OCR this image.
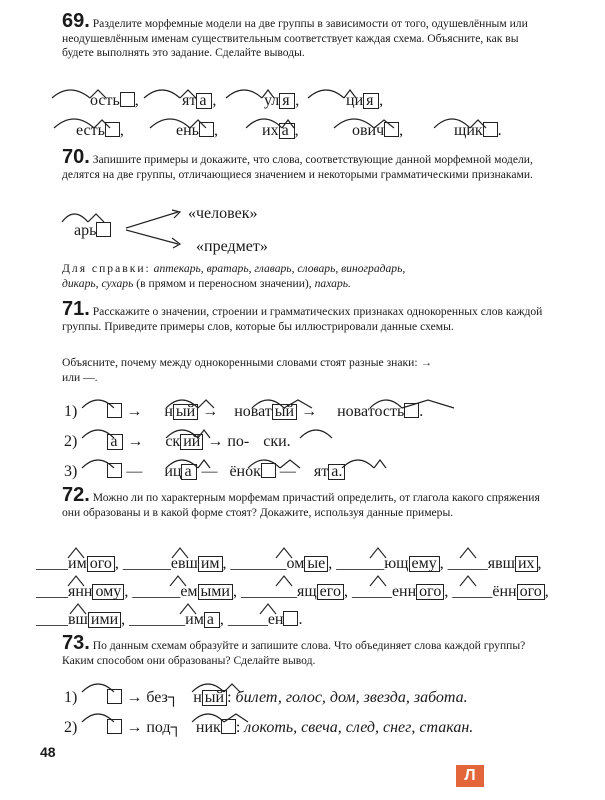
69. Разделите морфемные модели на две группы в зависимости от того, одушевлённым или неодушевлённым именам существительным соответствует каждая схема. Объясните, как вы будете выполнять это задание. Сделайте выводы.
ость ,	ят а ,	ул я ,	ци я ,
есть ,	ень ,	их а ,	ович ,	щик .
70. Запишите примеры и докажите, что слова, соответствующие данной морфемной модели, делятся на две группы, отличающиеся значением и некоторыми грамматическими признаками.
арь
«человек»
«предмет»
Для справки: аптекарь, вратарь, главарь, словарь, виноградарь,
дикарь, сухарь (в прямом и переносном значении), пахарь.
71. Расскажите о значении, строении и грамматических признаках однокоренных слов каждой группы. Приведите примеры слов, которые бы иллюстрировали данные схемы.
Объясните, почему между однокоренными словами стоят разные знаки: →
или —.
1)	→ н ый → новат ый → новатость .
2) а → ск ий → по- ски.
3)	— иц а — ёнок — ят а.
72. Можно ли по характерным морфемам причастий определить, от глагола какого спряжения они образованы и в какой форме стоят? Докажите, используя данные примеры.
____им ого , ______евш им , _______ом ые , ______ющ ему , _____явш их ,
____янн ому , ______ем ыми , _______ящ его , _____енн ого , _____ённ ого ,
____вш ими , _______им а , _____ен .
73. По данным схемам образуйте и запишите слова. Что объединяет слова каждой группы? Каким способом они образованы? Сделайте вывод.
1)	→ без┐ н ый : билет, голос, дом, звезда, забота.
2)	→ под┐ ник : локоть, свеча, след, снег, стакан.
48
Л
